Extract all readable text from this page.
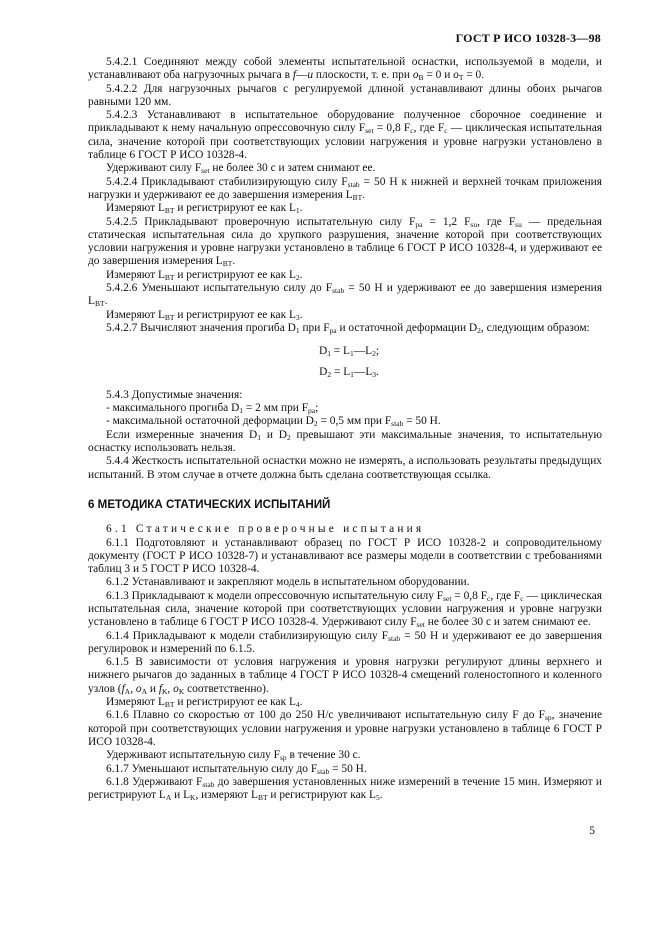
ГОСТ Р ИСО 10328-3—98

5.4.2.1 Соединяют между собой элементы испытательной оснастки, используемой в модели, и устанавливают оба нагрузочных рычага в f—u плоскости, т. е. при $o_B = 0$ и $o_T = 0$.

5.4.2.2 Для нагрузочных рычагов с регулируемой длиной устанавливают длины обоих рычагов равными 120 мм.

5.4.2.3 Устанавливают в испытательное оборудование полученное сборочное соединение и прикладывают к нему начальную опрессовочную силу $F_{set} = 0,8$ $F_c$, где $F_c$ — циклическая испытательная сила, значение которой при соответствующих условии нагружения и уровне нагрузки установлено в таблице 6 ГОСТ Р ИСО 10328-4.

Удерживают силу $F_{set}$ не более 30 с и затем снимают ее.

5.4.2.4 Прикладывают стабилизирующую силу $F_{stab} = 50$ Н к нижней и верхней точкам приложения нагрузки и удерживают ее до завершения измерения $L_{BT}$.

Измеряют $L_{BT}$ и регистрируют ее как $L_1$.

5.4.2.5 Прикладывают проверочную испытательную силу $F_{pa} = 1,2$ $F_{su}$, где $F_{su}$ — предельная статическая испытательная сила до хрупкого разрушения, значение которой при соответствующих условии нагружения и уровне нагрузки установлено в таблице 6 ГОСТ Р ИСО 10328-4, и удерживают ее до завершения измерения $L_{BT}$.

Измеряют $L_{BT}$ и регистрируют ее как $L_2$.

5.4.2.6 Уменьшают испытательную силу до $F_{stab} = 50$ Н и удерживают ее до завершения измерения $L_{BT}$.

Измеряют $L_{BT}$ и регистрируют ее как $L_3$.

5.4.2.7 Вычисляют значения прогиба $D_1$ при $F_{pa}$ и остаточной деформации $D_2$, следующим образом:

$D_1$ = $L_1—L_2$;

$D_2$ = $L_1—L_3$.

5.4.3 Допустимые значения:

- максимального прогиба $D_1 = 2$ мм при $F_{pa}$;

- максимальной остаточной деформации $D_2 = 0,5$ мм при $F_{stab} = 50$ Н.

Если измеренные значения $D_1$ и $D_2$ превышают эти максимальные значения, то испытательную оснастку использовать нельзя.

5.4.4 Жесткость испытательной оснастки можно не измерять, а использовать результаты предыдущих испытаний. В этом случае в отчете должна быть сделана соответствующая ссылка.

6 МЕТОДИКА СТАТИЧЕСКИХ ИСПЫТАНИЙ

6.1 Статические проверочные испытания

6.1.1 Подготовляют и устанавливают образец по ГОСТ Р ИСО 10328-2 и сопроводительному документу (ГОСТ Р ИСО 10328-7) и устанавливают все размеры модели в соответствии с требованиями таблиц 3 и 5 ГОСТ Р ИСО 10328-4.

6.1.2 Устанавливают и закрепляют модель в испытательном оборудовании.

6.1.3 Прикладывают к модели опрессовочную испытательную силу $F_{set} = 0,8$ $F_c$, где $F_c$ — циклическая испытательная сила, значение которой при соответствующих условии нагружения и уровне нагрузки установлено в таблице 6 ГОСТ Р ИСО 10328-4. Удерживают силу $F_{set}$ не более 30 с и затем снимают ее.

6.1.4 Прикладывают к модели стабилизирующую силу $F_{stab} = 50$ Н и удерживают ее до завершения регулировок и измерений по 6.1.5.

6.1.5 В зависимости от условия нагружения и уровня нагрузки регулируют длины верхнего и нижнего рычагов до заданных в таблице 4 ГОСТ Р ИСО 10328-4 смещений голеностопного и коленного узлов ($f_A$, $o_A$ и $f_K$, $o_K$ соответственно).

Измеряют $L_{BT}$ и регистрируют ее как $L_4$.

6.1.6 Плавно со скоростью от 100 до 250 Н/с увеличивают испытательную силу F до $F_{sp}$, значение которой при соответствующих условии нагружения и уровне нагрузки установлено в таблице 6 ГОСТ Р ИСО 10328-4.

Удерживают испытательную силу $F_{sp}$ в течение 30 с.

6.1.7 Уменьшают испытательную силу до $F_{stab} = 50$ Н.

6.1.8 Удерживают $F_{stab}$ до завершения установленных ниже измерений в течение 15 мин. Измеряют и регистрируют $L_A$ и $L_K$, измеряют $L_{BT}$ и регистрируют как $L_5$.

5
